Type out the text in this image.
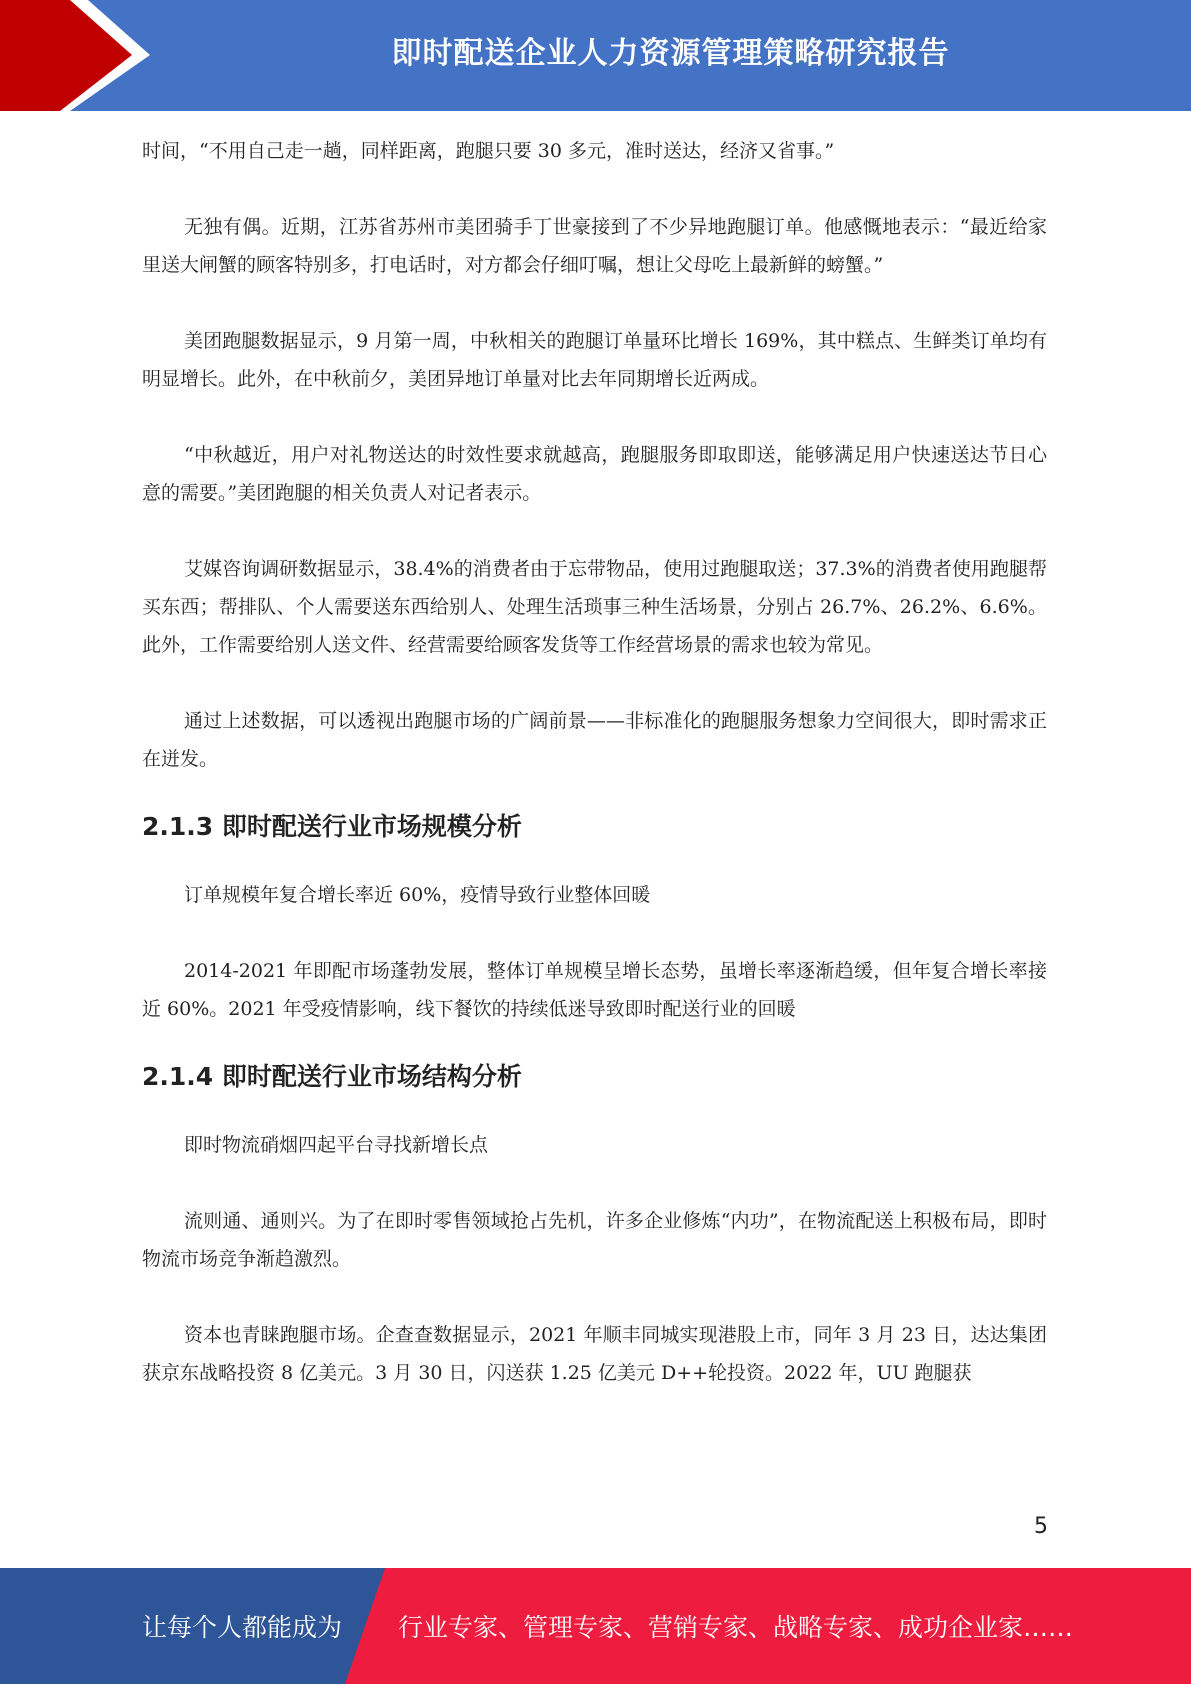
即时配送企业人力资源管理策略研究报告

时间，“不用自己走一趟，同样距离，跑腿只要 30 多元，准时送达，经济又省事。”

无独有偶。近期，江苏省苏州市美团骑手丁世豪接到了不少异地跑腿订单。他感慨地表示：“最近给家里送大闸蟹的顾客特别多，打电话时，对方都会仔细叮嘱，想让父母吃上最新鲜的螃蟹。”

美团跑腿数据显示，9 月第一周，中秋相关的跑腿订单量环比增长 169%，其中糕点、生鲜类订单均有明显增长。此外，在中秋前夕，美团异地订单量对比去年同期增长近两成。

“中秋越近，用户对礼物送达的时效性要求就越高，跑腿服务即取即送，能够满足用户快速送达节日心意的需要。”美团跑腿的相关负责人对记者表示。

艾媒咨询调研数据显示，38.4%的消费者由于忘带物品，使用过跑腿取送；37.3%的消费者使用跑腿帮买东西；帮排队、个人需要送东西给别人、处理生活琐事三种生活场景，分别占 26.7%、26.2%、6.6%。此外，工作需要给别人送文件、经营需要给顾客发货等工作经营场景的需求也较为常见。

通过上述数据，可以透视出跑腿市场的广阔前景——非标准化的跑腿服务想象力空间很大，即时需求正在迸发。

2.1.3 即时配送行业市场规模分析

订单规模年复合增长率近 60%，疫情导致行业整体回暖

2014-2021 年即配市场蓬勃发展，整体订单规模呈增长态势，虽增长率逐渐趋缓，但年复合增长率接近 60%。2021 年受疫情影响，线下餐饮的持续低迷导致即时配送行业的回暖

2.1.4 即时配送行业市场结构分析

即时物流硝烟四起平台寻找新增长点

流则通、通则兴。为了在即时零售领域抢占先机，许多企业修炼“内功”，在物流配送上积极布局，即时物流市场竞争渐趋激烈。

资本也青睐跑腿市场。企查查数据显示，2021 年顺丰同城实现港股上市，同年 3 月 23 日，达达集团获京东战略投资 8 亿美元。3 月 30 日，闪送获 1.25 亿美元 D++轮投资。2022 年，UU 跑腿获

5
让每个人都能成为 行业专家、管理专家、营销专家、战略专家、成功企业家……
